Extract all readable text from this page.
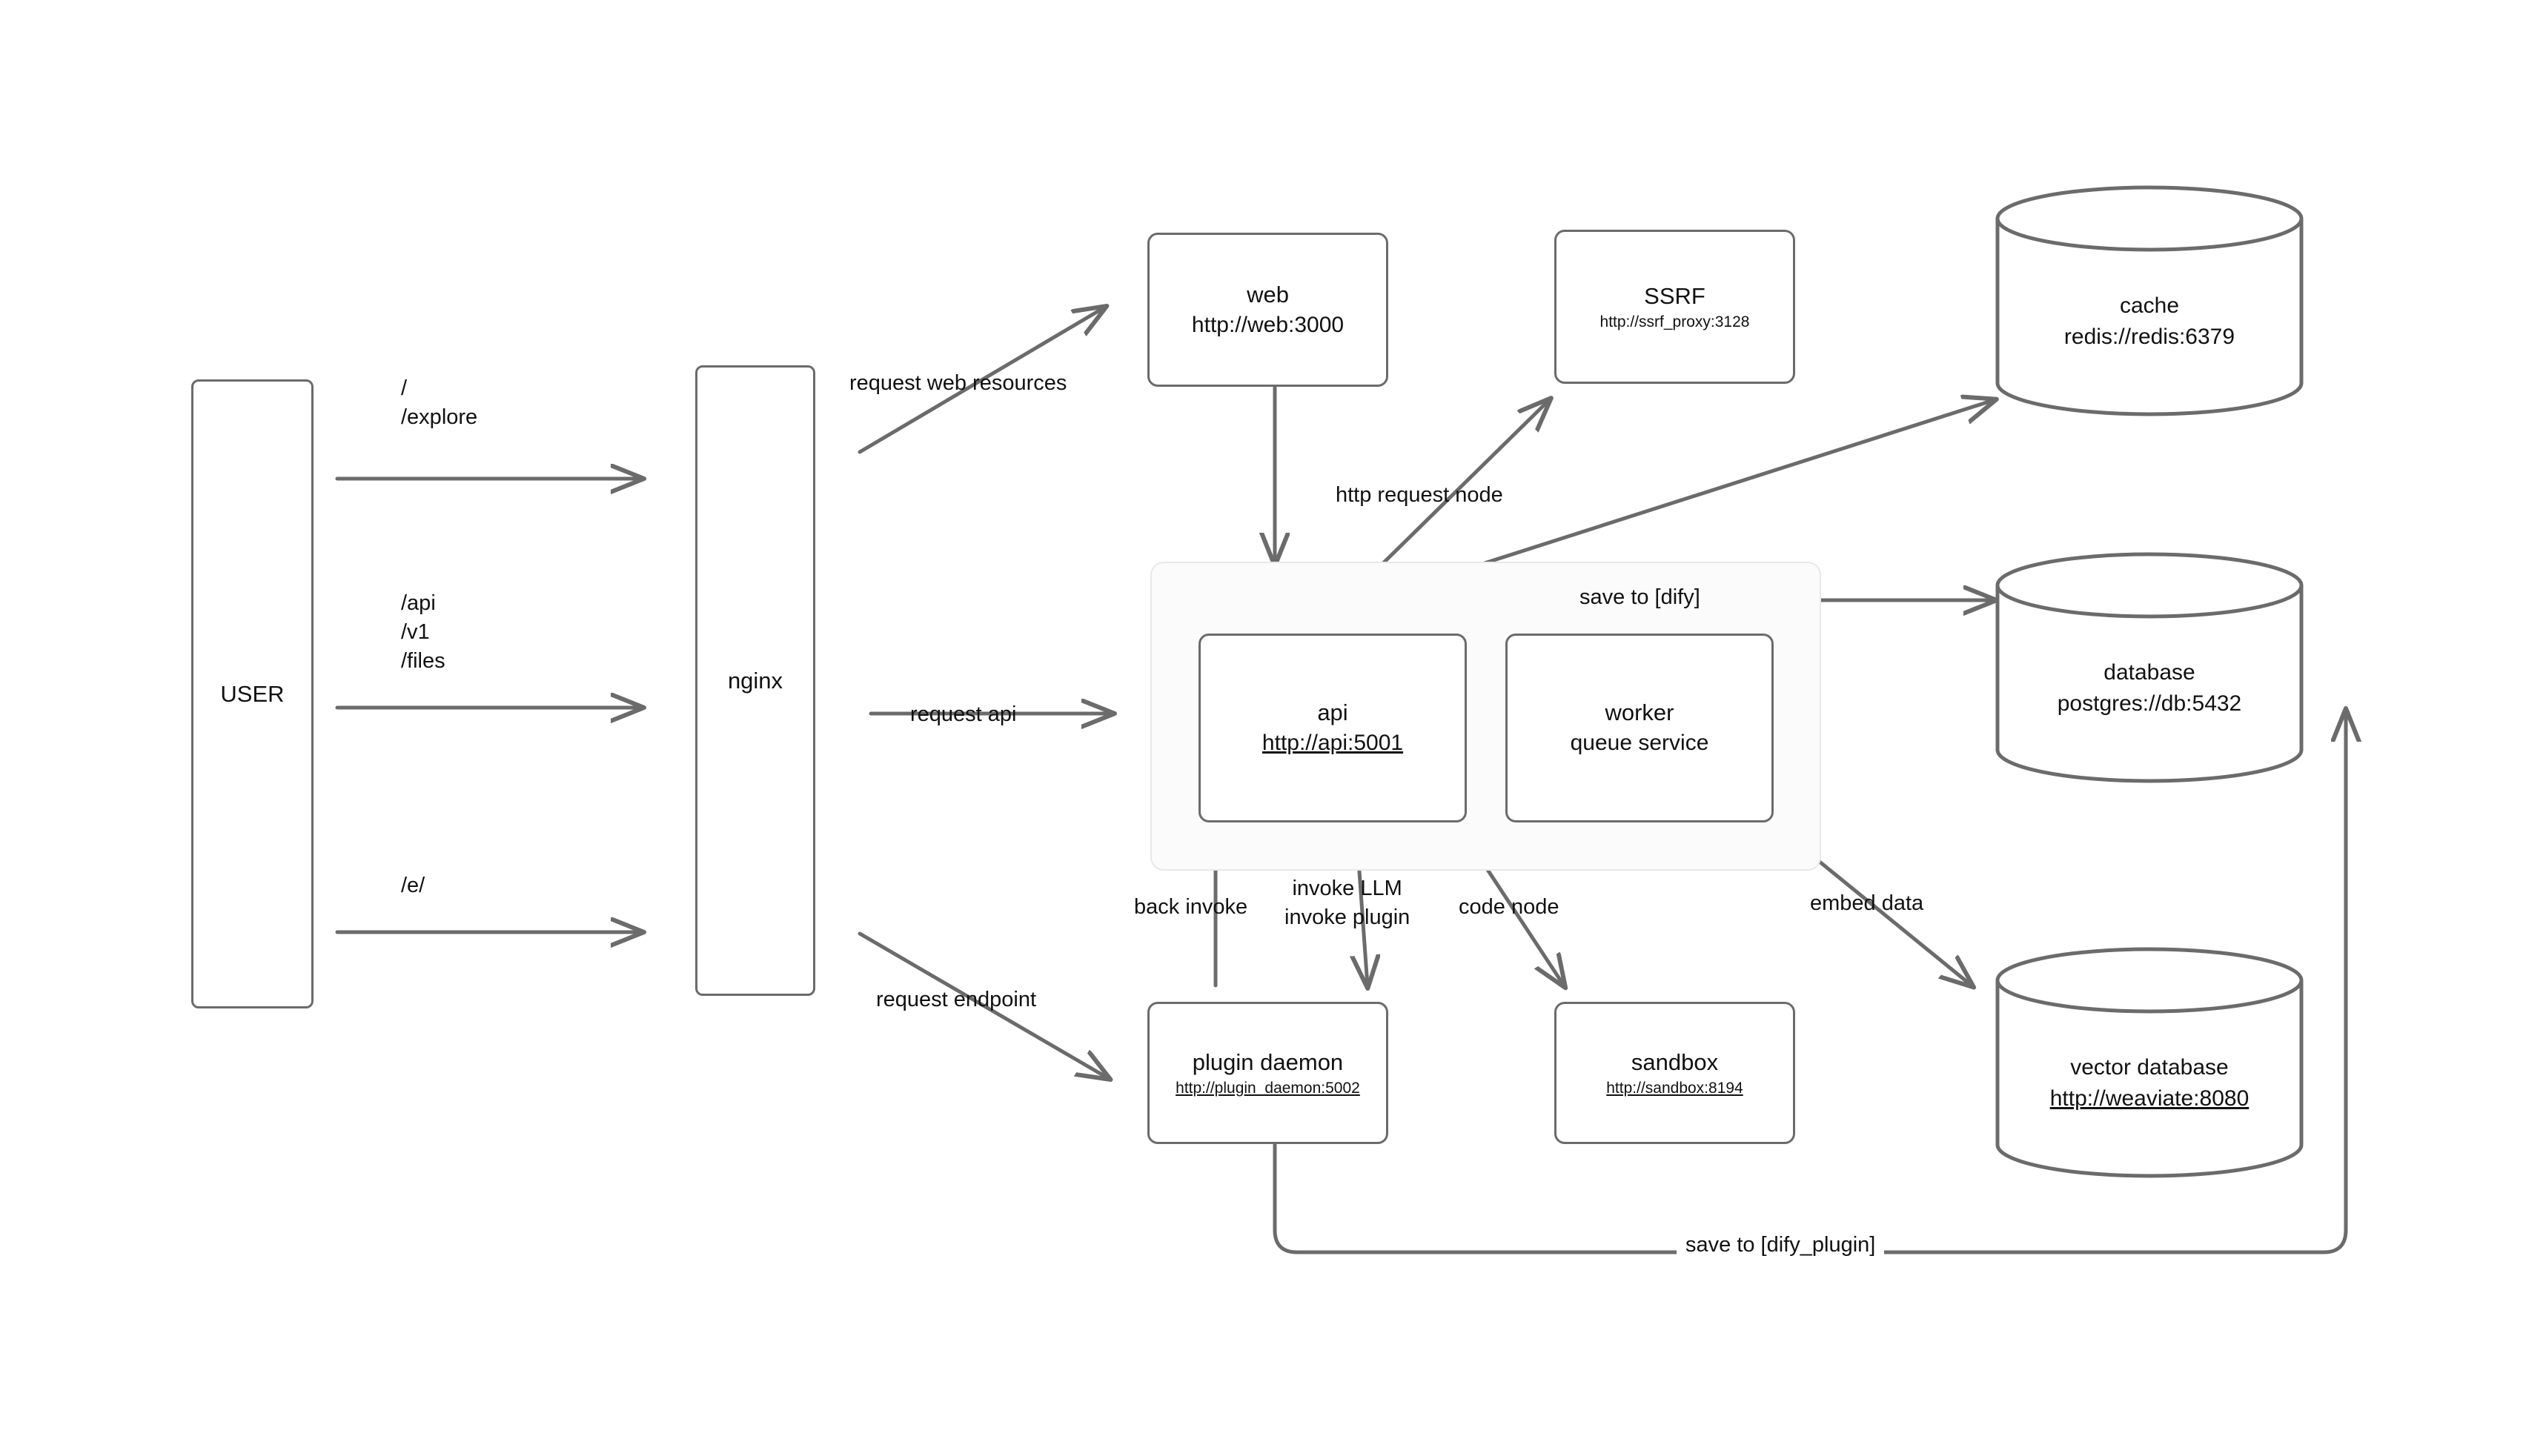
USER
nginx
web
http://web:3000
SSRF
http://ssrf_proxy:3128
api
http://api:5001
worker
queue service
plugin daemon
http://plugin_daemon:5002
sandbox
http://sandbox:8194
cache
redis://redis:6379
database
postgres://db:5432
vector database
http://weaviate:8080
/
/explore
/api
/v1
/files
/e/
request web resources
request api
request endpoint
http request node
save to [dify]
back invoke
invoke LLM
invoke plugin code node	embed data
save to [dify_plugin]
